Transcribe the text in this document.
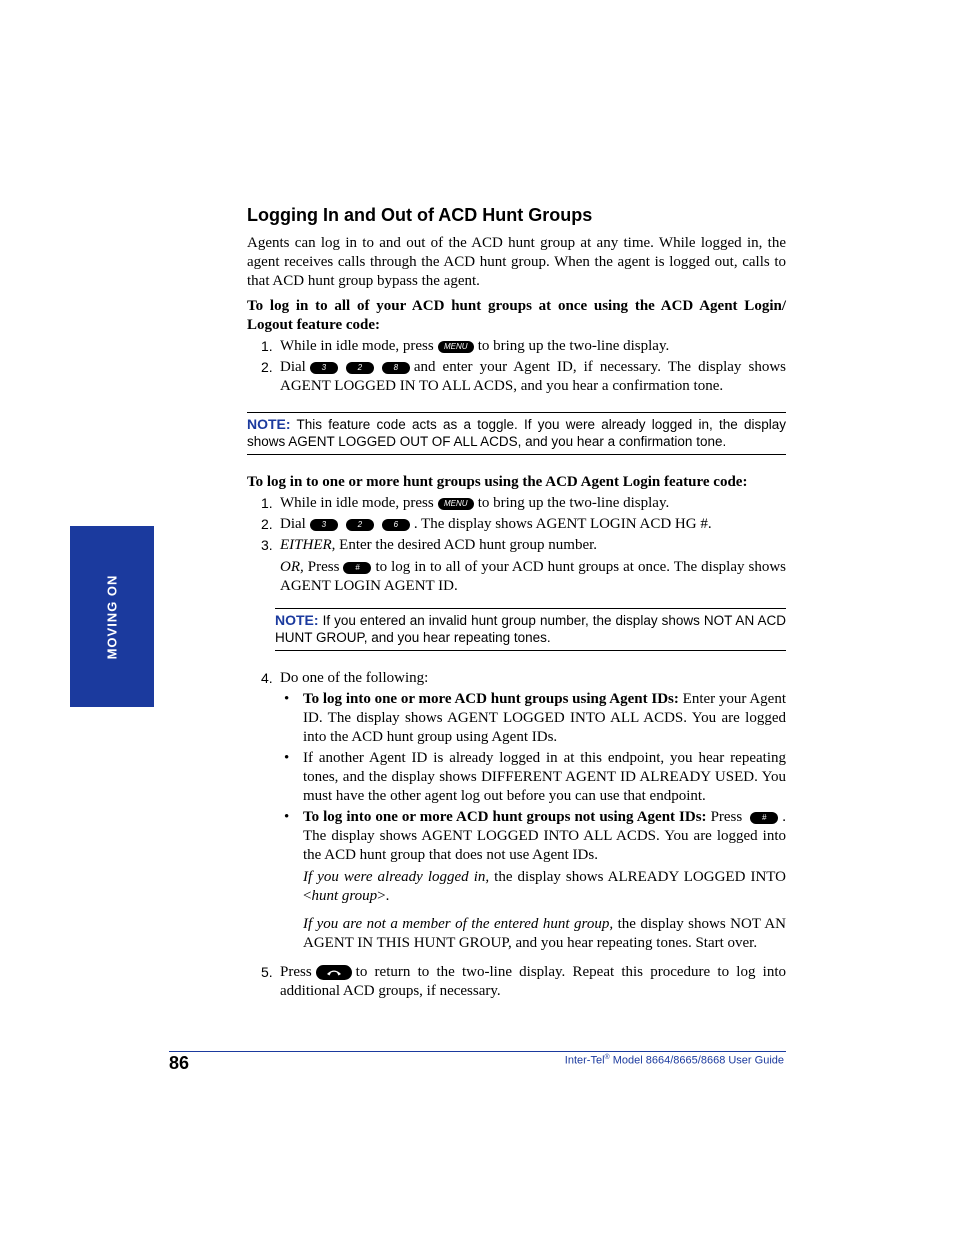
MOVING ON
Logging In and Out of ACD Hunt Groups

Agents can log in to and out of the ACD hunt group at any time. While logged in, the agent receives calls through the ACD hunt group. When the agent is logged out, calls to that ACD hunt group bypass the agent.

To log in to all of your ACD hunt groups at once using the ACD Agent Login/ Logout feature code:

1. While in idle mode, press MENU to bring up the two-line display.
2. Dial 3	2	8 and enter your Agent ID, if necessary. The display shows AGENT LOGGED IN TO ALL ACDS, and you hear a confirmation tone.
NOTE: This feature code acts as a toggle. If you were already logged in, the display shows AGENT LOGGED OUT OF ALL ACDS, and you hear a confirmation tone.

To log in to one or more hunt groups using the ACD Agent Login feature code:

1. While in idle mode, press MENU to bring up the two-line display.
2. Dial 3	2	6 . The display shows AGENT LOGIN ACD HG #.
3. EITHER, Enter the desired ACD hunt group number.

OR, Press # to log in to all of your ACD hunt groups at once. The display shows AGENT LOGIN AGENT ID.

NOTE: If you entered an invalid hunt group number, the display shows NOT AN ACD HUNT GROUP, and you hear repeating tones.
4. Do one of the following:
• To log into one or more ACD hunt groups using Agent IDs: Enter your Agent ID. The display shows AGENT LOGGED INTO ALL ACDS. You are logged into the ACD hunt group using Agent IDs.
• If another Agent ID is already logged in at this endpoint, you hear repeating tones, and the display shows DIFFERENT AGENT ID ALREADY USED. You must have the other agent log out before you can use that endpoint.
• To log into one or more ACD hunt groups not using Agent IDs: Press # . The display shows AGENT LOGGED INTO ALL ACDS. You are logged into the ACD hunt group that does not use Agent IDs.

If you were already logged in, the display shows ALREADY LOGGED INTO <hunt group>.

If you are not a member of the entered hunt group, the display shows NOT AN AGENT IN THIS HUNT GROUP, and you hear repeating tones. Start over.

5. Press	to return to the two-line display. Repeat this procedure to log into additional ACD groups, if necessary.
86	Inter-Tel® Model 8664/8665/8668 User Guide
